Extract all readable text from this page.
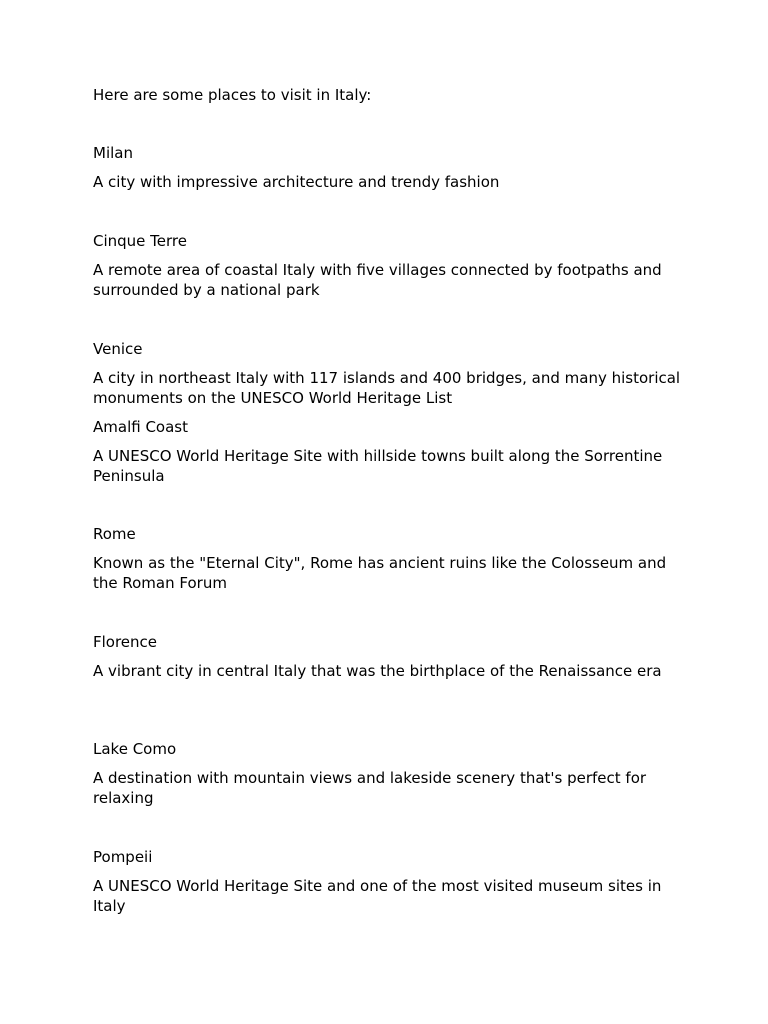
Here are some places to visit in Italy:

Milan

A city with impressive architecture and trendy fashion

Cinque Terre

A remote area of coastal Italy with five villages connected by footpaths and surrounded by a national park

Venice

A city in northeast Italy with 117 islands and 400 bridges, and many historical monuments on the UNESCO World Heritage List

Amalfi Coast

A UNESCO World Heritage Site with hillside towns built along the Sorrentine Peninsula

Rome

Known as the "Eternal City", Rome has ancient ruins like the Colosseum and the Roman Forum

Florence

A vibrant city in central Italy that was the birthplace of the Renaissance era

Lake Como

A destination with mountain views and lakeside scenery that's perfect for relaxing

Pompeii

A UNESCO World Heritage Site and one of the most visited museum sites in Italy
